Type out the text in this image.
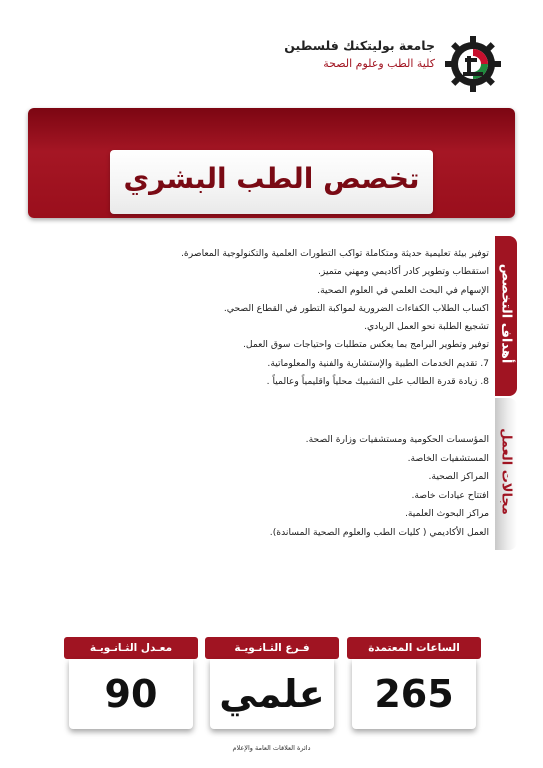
جامعة بوليتكنك فلسطين
كلية الطب وعلوم الصحة
تخصص الطب البشري
أهداف التخصص
توفير بيئة تعليمية حديثة ومتكاملة تواكب التطورات العلمية والتكنولوجية المعاصرة.
استقطاب وتطوير كادر أكاديمي ومهني متميز.
الإسهام في البحث العلمي في العلوم الصحية.
اكساب الطلاب الكفاءات الضرورية لمواكبة التطور في القطاع الصحي.
تشجيع الطلبة نحو العمل الريادي.
توفير وتطوير البرامج بما يعكس متطلبات واحتياجات سوق العمل.
7. تقديم الخدمات الطبية والإستشارية والفنية والمعلوماتية.
8. زيادة قدرة الطالب على التشبيك محلياً واقليمياً وعالمياً .
مجالات العمل
المؤسسات الحكومية ومستشفيات وزارة الصحة.
المستشفيات الخاصة.
المراكز الصحية.
افتتاح عيادات خاصة.
مراكز البحوث العلمية.
العمل الأكاديمي ( كليات الطب والعلوم الصحية المساندة).
الساعات المعتمدة
265
فـرع الثـانـويـة
علمي
معـدل الثـانـويـة
90
دائرة العلاقات العامة والإعلام
